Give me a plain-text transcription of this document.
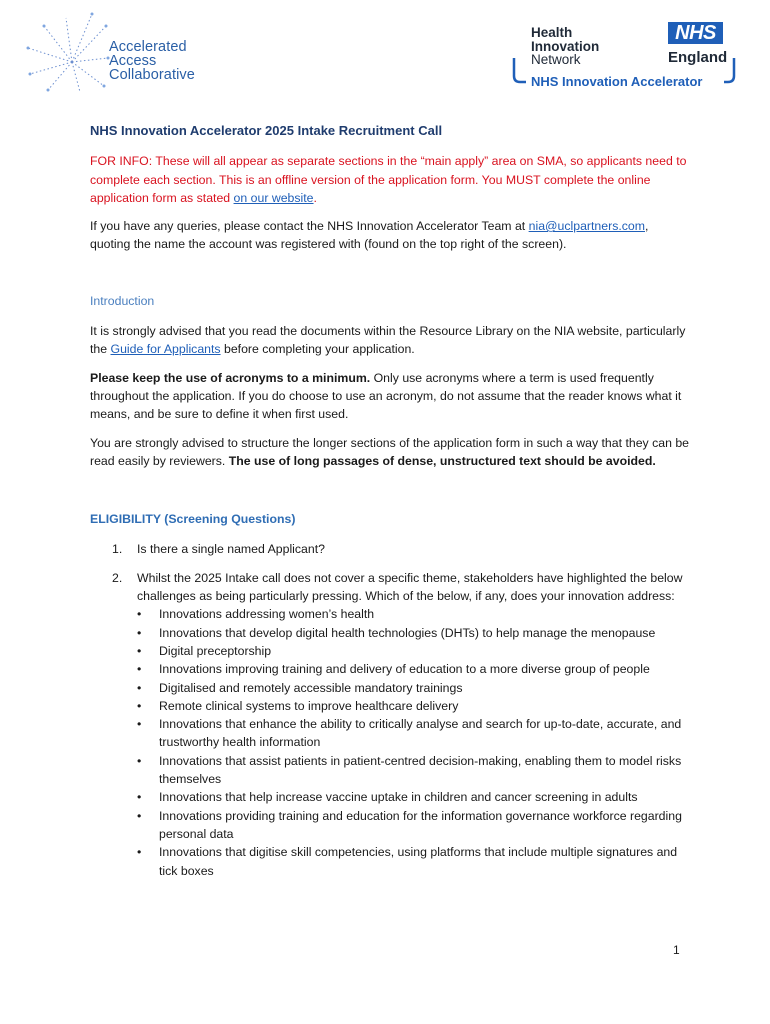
Accelerated
Access
Collaborative
Health
Innovation
Network
NHS
England
NHS Innovation Accelerator
NHS Innovation Accelerator 2025 Intake Recruitment Call

FOR INFO: These will all appear as separate sections in the “main apply” area on SMA, so applicants need to complete each section. This is an offline version of the application form. You MUST complete the online application form as stated on our website.

If you have any queries, please contact the NHS Innovation Accelerator Team at nia@uclpartners.com, quoting the name the account was registered with (found on the top right of the screen).

Introduction

It is strongly advised that you read the documents within the Resource Library on the NIA website, particularly the Guide for Applicants before completing your application.

Please keep the use of acronyms to a minimum. Only use acronyms where a term is used frequently throughout the application. If you do choose to use an acronym, do not assume that the reader knows what it means, and be sure to define it when first used.

You are strongly advised to structure the longer sections of the application form in such a way that they can be read easily by reviewers. The use of long passages of dense, unstructured text should be avoided.

ELIGIBILITY (Screening Questions)
1. Is there a single named Applicant?
2. Whilst the 2025 Intake call does not cover a specific theme, stakeholders have highlighted the below challenges as being particularly pressing. Which of the below, if any, does your innovation address:
• Innovations addressing women’s health
• Innovations that develop digital health technologies (DHTs) to help manage the menopause
• Digital preceptorship
• Innovations improving training and delivery of education to a more diverse group of people
• Digitalised and remotely accessible mandatory trainings
• Remote clinical systems to improve healthcare delivery
• Innovations that enhance the ability to critically analyse and search for up-to-date, accurate, and trustworthy health information
• Innovations that assist patients in patient-centred decision-making, enabling them to model risks themselves
• Innovations that help increase vaccine uptake in children and cancer screening in adults
• Innovations providing training and education for the information governance workforce regarding personal data
• Innovations that digitise skill competencies, using platforms that include multiple signatures and tick boxes
1
